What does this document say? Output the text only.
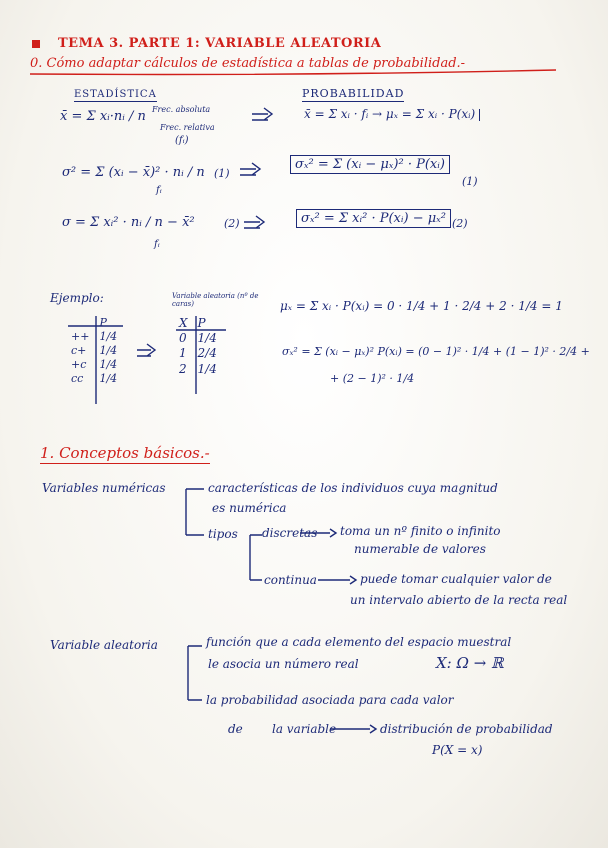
TEMA 3. PARTE 1: VARIABLE ALEATORIA
0. Cómo adaptar cálculos de estadística a tablas de probabilidad.-
ESTADÍSTICA	PROBABILIDAD
x̄ = Σ xᵢ·nᵢ / n Frec. absoluta
Frec. relativa
(fᵢ)
x̄ = Σ xᵢ · fᵢ → μₓ = Σ xᵢ · P(xᵢ)
σ² = Σ (xᵢ − x̄)² · nᵢ / n (1)
fᵢ
σₓ² = Σ (xᵢ − μₓ)² · P(xᵢ)
(1)
σ = Σ xᵢ² · nᵢ / n − x̄²	(2)
fᵢ
σₓ² = Σ xᵢ² · P(xᵢ) − μₓ² (2)
Ejemplo:	Variable aleatoria (nº de caras)
	P
++	1/4
c+	1/4
+c	1/4
cc	1/4
X	P
0	1/4
1	2/4
2	1/4
μₓ = Σ xᵢ · P(xᵢ) = 0 · 1/4 + 1 · 2/4 + 2 · 1/4 = 1
σₓ² = Σ (xᵢ − μₓ)² P(xᵢ) = (0 − 1)² · 1/4 + (1 − 1)² · 2/4 +
+ (2 − 1)² · 1/4
1. Conceptos básicos.-
Variables numéricas	características de los individuos cuya magnitud
es numérica
tipos discretas toma un nº finito o infinito
numerable de valores
continua	puede tomar cualquier valor de
un intervalo abierto de la recta real
Variable aleatoria	función que a cada elemento del espacio muestral
le asocia un número real	X: Ω → ℝ
la probabilidad asociada para cada valor
de la variable	distribución de probabilidad
P(X = x)
